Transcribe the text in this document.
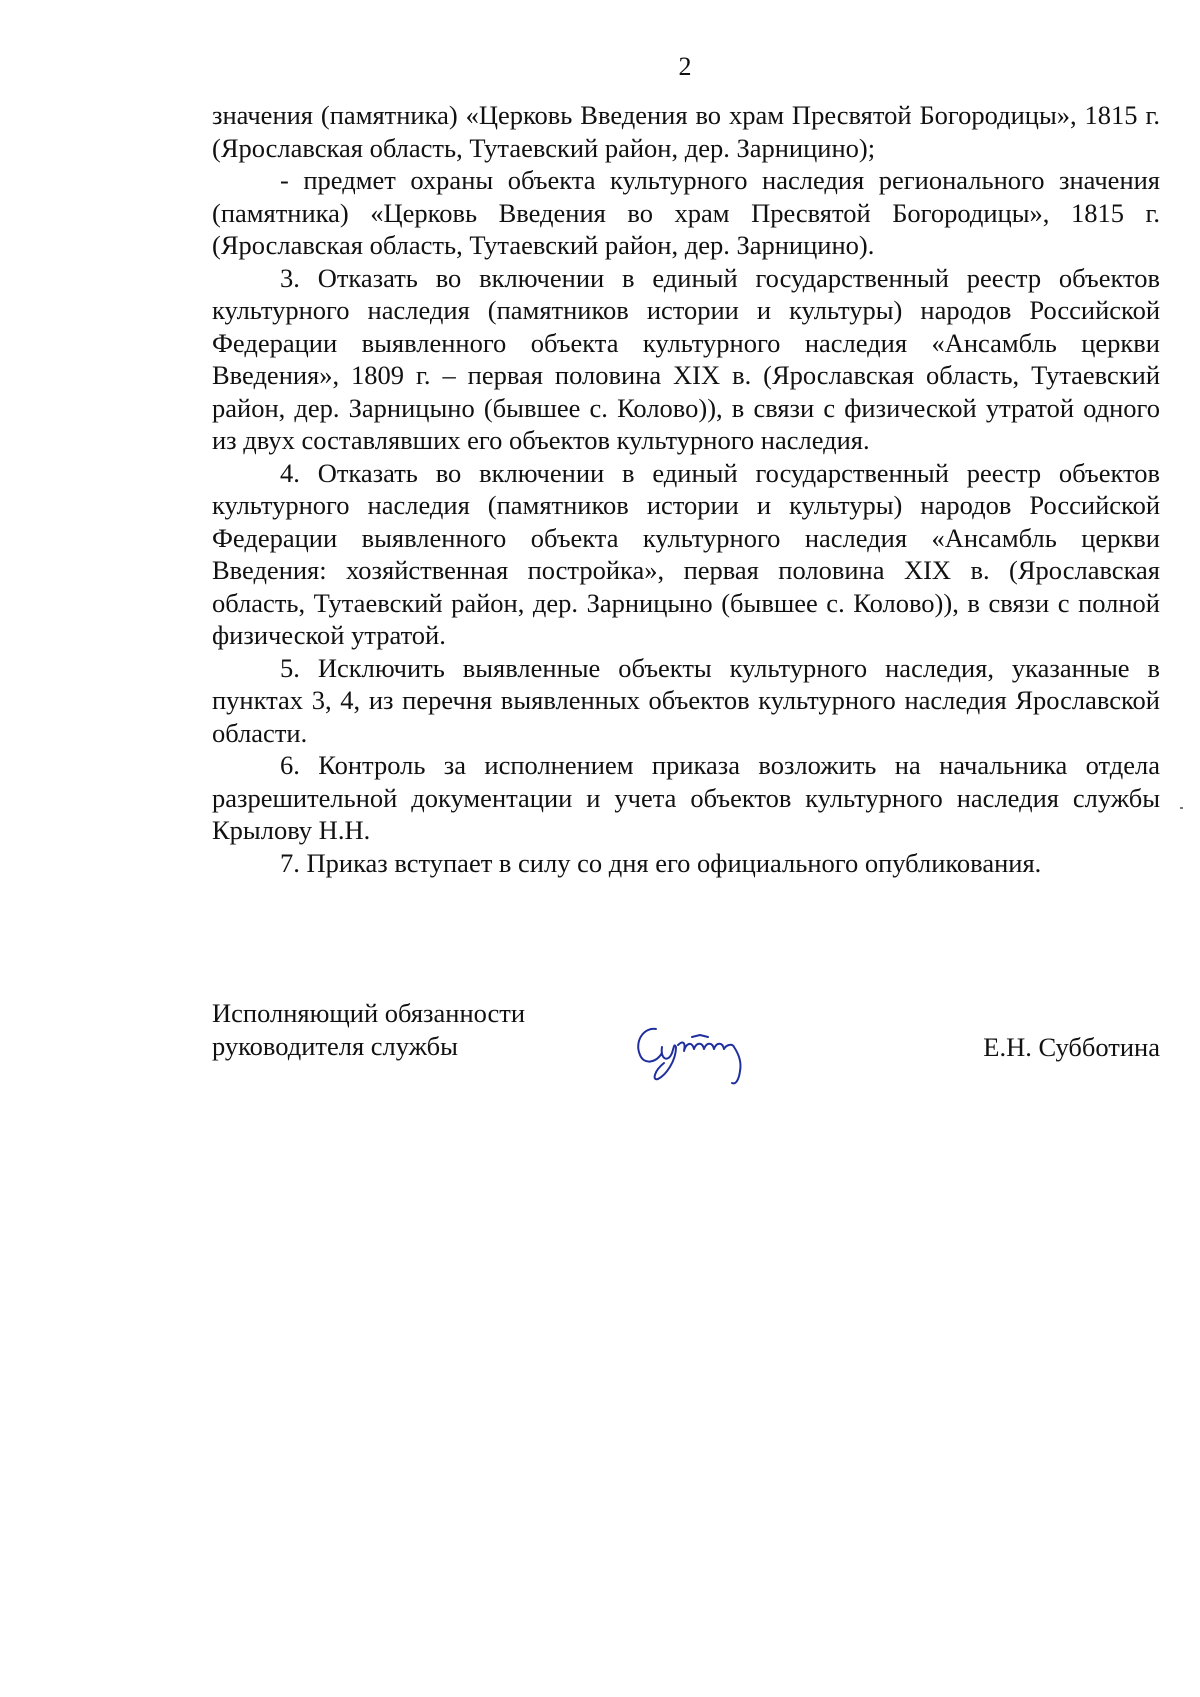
2

значения (памятника) «Церковь Введения во храм Пресвятой Богородицы», 1815 г. (Ярославская область, Тутаевский район, дер. Зарницино);

- предмет охраны объекта культурного наследия регионального значения (памятника) «Церковь Введения во храм Пресвятой Богородицы», 1815 г. (Ярославская область, Тутаевский район, дер. Зарницино).

3. Отказать во включении в единый государственный реестр объектов культурного наследия (памятников истории и культуры) народов Российской Федерации выявленного объекта культурного наследия «Ансамбль церкви Введения», 1809 г. – первая половина XIX в. (Ярославская область, Тутаевский район, дер. Зарницыно (бывшее с. Колово)), в связи с физической утратой одного из двух составлявших его объектов культурного наследия.

4. Отказать во включении в единый государственный реестр объектов культурного наследия (памятников истории и культуры) народов Российской Федерации выявленного объекта культурного наследия «Ансамбль церкви Введения: хозяйственная постройка», первая половина XIX в. (Ярославская область, Тутаевский район, дер. Зарницыно (бывшее с. Колово)), в связи с полной физической утратой.

5. Исключить выявленные объекты культурного наследия, указанные в пунктах 3, 4, из перечня выявленных объектов культурного наследия Ярославской области.

6. Контроль за исполнением приказа возложить на начальника отдела разрешительной документации и учета объектов культурного наследия службы Крылову Н.Н.

7. Приказ вступает в силу со дня его официального опубликования.

Исполняющий обязанности
руководителя службы	Е.Н. Субботина
